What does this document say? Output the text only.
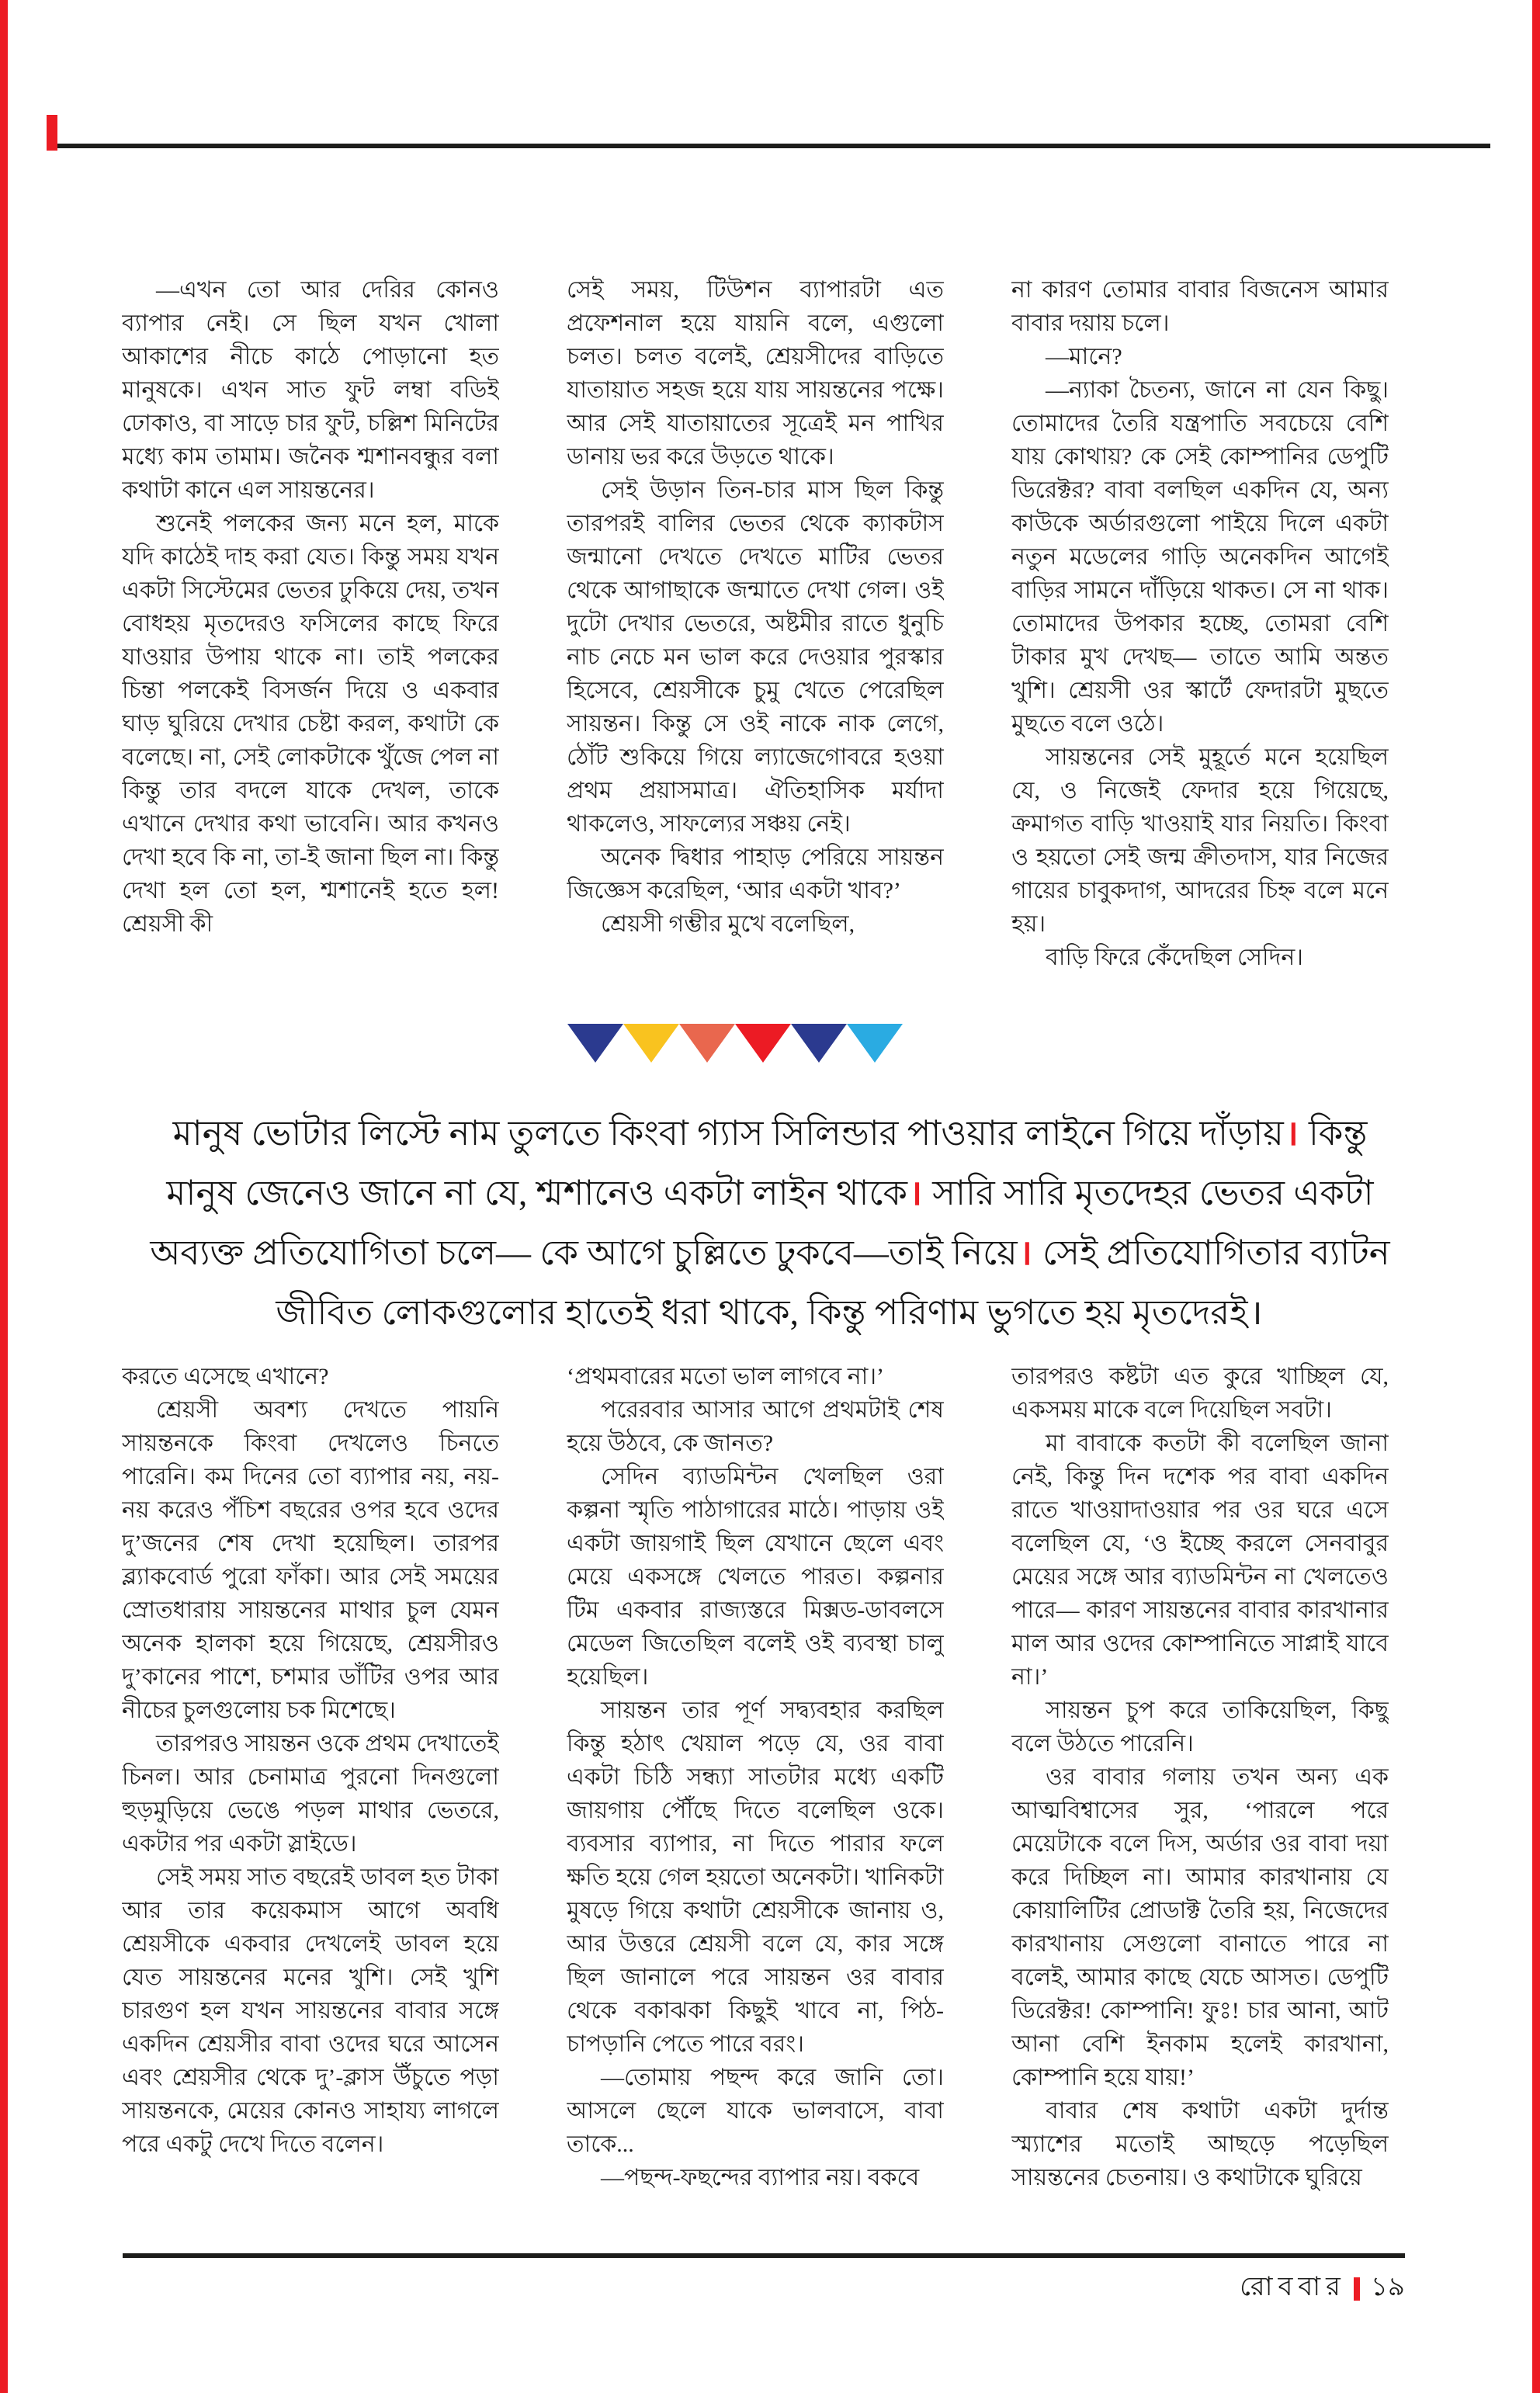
—এখন তো আর দেরির কোনও ব্যাপার নেই। সে ছিল যখন খোলা আকাশের নীচে কাঠে পোড়ানো হত মানুষকে। এখন সাত ফুট লম্বা বডিই ঢোকাও, বা সাড়ে চার ফুট, চল্লিশ মিনিটের মধ্যে কাম তামাম। জনৈক শ্মশানবন্ধুর বলা কথাটা কানে এল সায়ন্তনের।

শুনেই পলকের জন্য মনে হল, মাকে যদি কাঠেই দাহ করা যেত। কিন্তু সময় যখন একটা সিস্টেমের ভেতর ঢুকিয়ে দেয়, তখন বোধহয় মৃতদেরও ফসিলের কাছে ফিরে যাওয়ার উপায় থাকে না। তাই পলকের চিন্তা পলকেই বিসর্জন দিয়ে ও একবার ঘাড় ঘুরিয়ে দেখার চেষ্টা করল, কথাটা কে বলেছে। না, সেই লোকটাকে খুঁজে পেল না কিন্তু তার বদলে যাকে দেখল, তাকে এখানে দেখার কথা ভাবেনি। আর কখনও দেখা হবে কি না, তা-ই জানা ছিল না। কিন্তু দেখা হল তো হল, শ্মশানেই হতে হল! শ্রেয়সী কী

সেই সময়, টিউশন ব্যাপারটা এত প্রফেশনাল হয়ে যায়নি বলে, এগুলো চলত। চলত বলেই, শ্রেয়সীদের বাড়িতে যাতায়াত সহজ হয়ে যায় সায়ন্তনের পক্ষে। আর সেই যাতায়াতের সূত্রেই মন পাখির ডানায় ভর করে উড়তে থাকে।

সেই উড়ান তিন-চার মাস ছিল কিন্তু তারপরই বালির ভেতর থেকে ক্যাকটাস জন্মানো দেখতে দেখতে মাটির ভেতর থেকে আগাছাকে জন্মাতে দেখা গেল। ওই দুটো দেখার ভেতরে, অষ্টমীর রাতে ধুনুচি নাচ নেচে মন ভাল করে দেওয়ার পুরস্কার হিসেবে, শ্রেয়সীকে চুমু খেতে পেরেছিল সায়ন্তন। কিন্তু সে ওই নাকে নাক লেগে, ঠোঁট শুকিয়ে গিয়ে ল্যাজেগোবরে হওয়া প্রথম প্রয়াসমাত্র। ঐতিহাসিক মর্যাদা থাকলেও, সাফল্যের সঞ্চয় নেই।

অনেক দ্বিধার পাহাড় পেরিয়ে সায়ন্তন জিজ্ঞেস করেছিল, ‘আর একটা খাব?’

শ্রেয়সী গম্ভীর মুখে বলেছিল,

না কারণ তোমার বাবার বিজনেস আমার বাবার দয়ায় চলে।

—মানে?

—ন্যাকা চৈতন্য, জানে না যেন কিছু। তোমাদের তৈরি যন্ত্রপাতি সবচেয়ে বেশি যায় কোথায়? কে সেই কোম্পানির ডেপুটি ডিরেক্টর? বাবা বলছিল একদিন যে, অন্য কাউকে অর্ডারগুলো পাইয়ে দিলে একটা নতুন মডেলের গাড়ি অনেকদিন আগেই বাড়ির সামনে দাঁড়িয়ে থাকত। সে না থাক। তোমাদের উপকার হচ্ছে, তোমরা বেশি টাকার মুখ দেখছ— তাতে আমি অন্তত খুশি। শ্রেয়সী ওর স্কার্টে ফেদারটা মুছতে মুছতে বলে ওঠে।

সায়ন্তনের সেই মুহূর্তে মনে হয়েছিল যে, ও নিজেই ফেদার হয়ে গিয়েছে, ক্রমাগত বাড়ি খাওয়াই যার নিয়তি। কিংবা ও হয়তো সেই জন্ম ক্রীতদাস, যার নিজের গায়ের চাবুকদাগ, আদরের চিহ্ন বলে মনে হয়।

বাড়ি ফিরে কেঁদেছিল সেদিন।

মানুষ ভোটার লিস্টে নাম তুলতে কিংবা গ্যাস সিলিন্ডার পাওয়ার লাইনে গিয়ে দাঁড়ায়। কিন্তু মানুষ জেনেও জানে না যে, শ্মশানেও একটা লাইন থাকে। সারি সারি মৃতদেহর ভেতর একটা অব্যক্ত প্রতিযোগিতা চলে— কে আগে চুল্লিতে ঢুকবে—তাই নিয়ে। সেই প্রতিযোগিতার ব্যাটন জীবিত লোকগুলোর হাতেই ধরা থাকে, কিন্তু পরিণাম ভুগতে হয় মৃতদেরই।

করতে এসেছে এখানে?

শ্রেয়সী অবশ্য দেখতে পায়নি সায়ন্তনকে কিংবা দেখলেও চিনতে পারেনি। কম দিনের তো ব্যাপার নয়, নয়-নয় করেও পঁচিশ বছরের ওপর হবে ওদের দু’জনের শেষ দেখা হয়েছিল। তারপর ব্ল্যাকবোর্ড পুরো ফাঁকা। আর সেই সময়ের স্রোতধারায় সায়ন্তনের মাথার চুল যেমন অনেক হালকা হয়ে গিয়েছে, শ্রেয়সীরও দু’কানের পাশে, চশমার ডাঁটির ওপর আর নীচের চুলগুলোয় চক মিশেছে।

তারপরও সায়ন্তন ওকে প্রথম দেখাতেই চিনল। আর চেনামাত্র পুরনো দিনগুলো হুড়মুড়িয়ে ভেঙে পড়ল মাথার ভেতরে, একটার পর একটা স্লাইডে।

সেই সময় সাত বছরেই ডাবল হত টাকা আর তার কয়েকমাস আগে অবধি শ্রেয়সীকে একবার দেখলেই ডাবল হয়ে যেত সায়ন্তনের মনের খুশি। সেই খুশি চারগুণ হল যখন সায়ন্তনের বাবার সঙ্গে একদিন শ্রেয়সীর বাবা ওদের ঘরে আসেন এবং শ্রেয়সীর থেকে দু’-ক্লাস উঁচুতে পড়া সায়ন্তনকে, মেয়ের কোনও সাহায্য লাগলে পরে একটু দেখে দিতে বলেন।

‘প্রথমবারের মতো ভাল লাগবে না।’

পরেরবার আসার আগে প্রথমটাই শেষ হয়ে উঠবে, কে জানত?

সেদিন ব্যাডমিন্টন খেলছিল ওরা কল্পনা স্মৃতি পাঠাগারের মাঠে। পাড়ায় ওই একটা জায়গাই ছিল যেখানে ছেলে এবং মেয়ে একসঙ্গে খেলতে পারত। কল্পনার টিম একবার রাজ্যস্তরে মিক্সড-ডাবলসে মেডেল জিতেছিল বলেই ওই ব্যবস্থা চালু হয়েছিল।

সায়ন্তন তার পূর্ণ সদ্ব্যবহার করছিল কিন্তু হঠাৎ খেয়াল পড়ে যে, ওর বাবা একটা চিঠি সন্ধ্যা সাতটার মধ্যে একটি জায়গায় পৌঁছে দিতে বলেছিল ওকে। ব্যবসার ব্যাপার, না দিতে পারার ফলে ক্ষতি হয়ে গেল হয়তো অনেকটা। খানিকটা মুষড়ে গিয়ে কথাটা শ্রেয়সীকে জানায় ও, আর উত্তরে শ্রেয়সী বলে যে, কার সঙ্গে ছিল জানালে পরে সায়ন্তন ওর বাবার থেকে বকাঝকা কিছুই খাবে না, পিঠ-চাপড়ানি পেতে পারে বরং।

—তোমায় পছন্দ করে জানি তো। আসলে ছেলে যাকে ভালবাসে, বাবা তাকে...

—পছন্দ-ফছন্দের ব্যাপার নয়। বকবে

তারপরও কষ্টটা এত কুরে খাচ্ছিল যে, একসময় মাকে বলে দিয়েছিল সবটা।

মা বাবাকে কতটা কী বলেছিল জানা নেই, কিন্তু দিন দশেক পর বাবা একদিন রাতে খাওয়াদাওয়ার পর ওর ঘরে এসে বলেছিল যে, ‘ও ইচ্ছে করলে সেনবাবুর মেয়ের সঙ্গে আর ব্যাডমিন্টন না খেলতেও পারে— কারণ সায়ন্তনের বাবার কারখানার মাল আর ওদের কোম্পানিতে সাপ্লাই যাবে না।’

সায়ন্তন চুপ করে তাকিয়েছিল, কিছু বলে উঠতে পারেনি।

ওর বাবার গলায় তখন অন্য এক আত্মবিশ্বাসের সুর, ‘পারলে পরে মেয়েটাকে বলে দিস, অর্ডার ওর বাবা দয়া করে দিচ্ছিল না। আমার কারখানায় যে কোয়ালিটির প্রোডাক্ট তৈরি হয়, নিজেদের কারখানায় সেগুলো বানাতে পারে না বলেই, আমার কাছে যেচে আসত। ডেপুটি ডিরেক্টর! কোম্পানি! ফুঃ! চার আনা, আট আনা বেশি ইনকাম হলেই কারখানা, কোম্পানি হয়ে যায়!’

বাবার শেষ কথাটা একটা দুর্দান্ত স্ম্যাশের মতোই আছড়ে পড়েছিল সায়ন্তনের চেতনায়। ও কথাটাকে ঘুরিয়ে

রোববার ১৯
